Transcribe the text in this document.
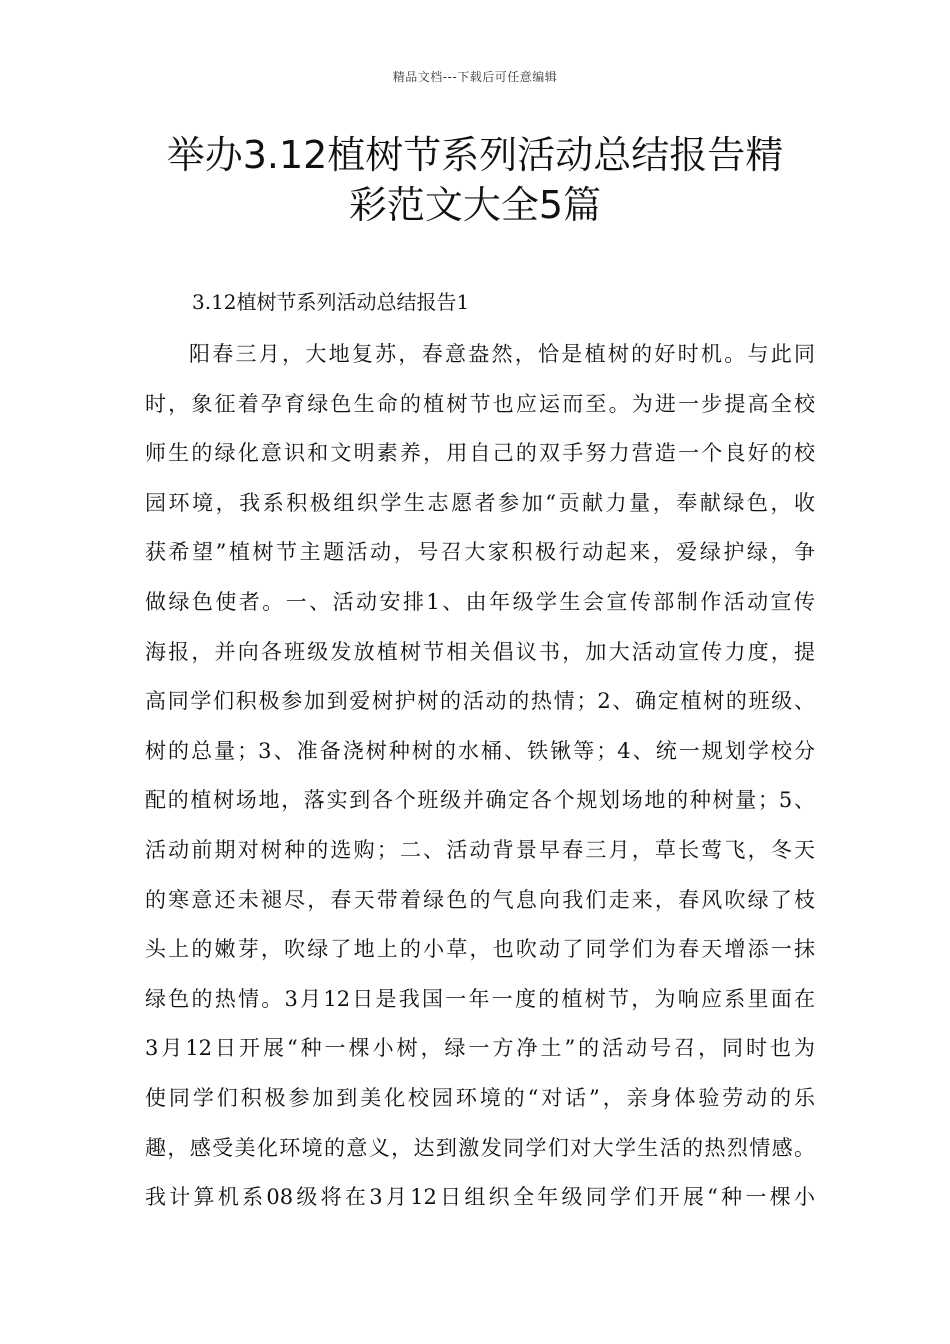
精品文档---下载后可任意编辑
举办3.12植树节系列活动总结报告精
彩范文大全5篇
3.12植树节系列活动总结报告1
阳春三月，大地复苏，春意盎然，恰是植树的好时机。与此同
时，象征着孕育绿色生命的植树节也应运而至。为进一步提高全校
师生的绿化意识和文明素养，用自己的双手努力营造一个良好的校
园环境，我系积极组织学生志愿者参加“贡献力量，奉献绿色，收
获希望”植树节主题活动，号召大家积极行动起来，爱绿护绿，争
做绿色使者。一、活动安排1、由年级学生会宣传部制作活动宣传
海报，并向各班级发放植树节相关倡议书，加大活动宣传力度，提
高同学们积极参加到爱树护树的活动的热情；2、确定植树的班级、
树的总量；3、准备浇树种树的水桶、铁锹等；4、统一规划学校分
配的植树场地，落实到各个班级并确定各个规划场地的种树量；5、
活动前期对树种的选购；二、活动背景早春三月，草长莺飞，冬天
的寒意还未褪尽，春天带着绿色的气息向我们走来，春风吹绿了枝
头上的嫩芽，吹绿了地上的小草，也吹动了同学们为春天增添一抹
绿色的热情。3月12日是我国一年一度的植树节，为响应系里面在
3月12日开展“种一棵小树，绿一方净土”的活动号召，同时也为
使同学们积极参加到美化校园环境的“对话”，亲身体验劳动的乐
趣，感受美化环境的意义，达到激发同学们对大学生活的热烈情感。
我计算机系08级将在3月12日组织全年级同学们开展“种一棵小
